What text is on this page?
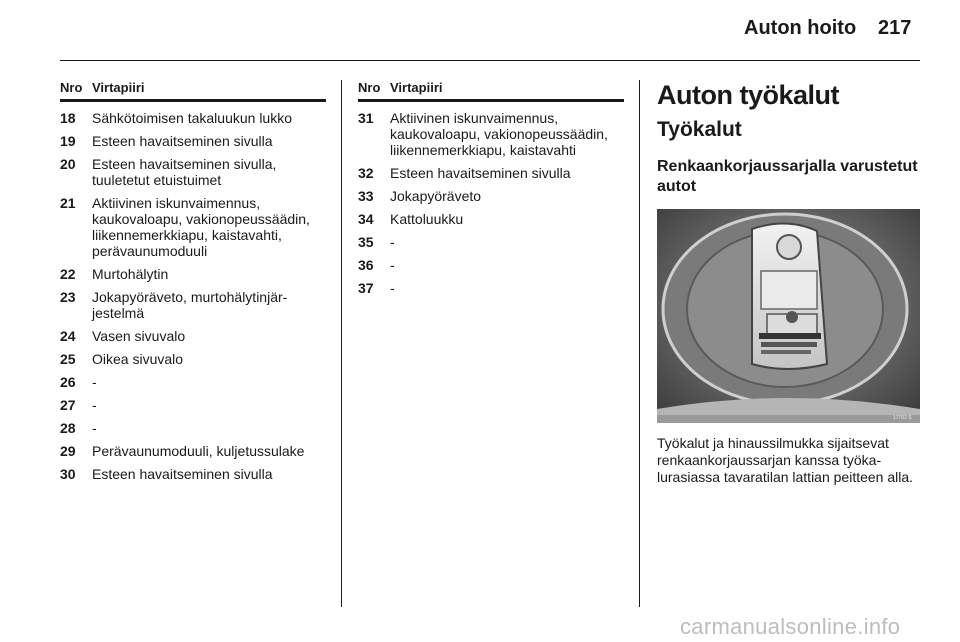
Auton hoito 217
Nro Virtapiiri
18	Sähkötoimisen takaluukun lukko
19	Esteen havaitseminen sivulla
20	Esteen havaitseminen sivulla, tuuletetut etuistuimet
21	Aktiivinen iskunvaimennus, kaukovaloapu, vakionopeussäädin, liikennemerkkiapu, kaistavahti, perävaunumoduuli
22	Murtohälytin
23	Jokapyöräveto, murtohälytinjärjestelmä
24	Vasen sivuvalo
25	Oikea sivuvalo
26	-
27	-
28	-
29	Perävaunumoduuli, kuljetussulake
30	Esteen havaitseminen sivulla
Nro Virtapiiri
31	Aktiivinen iskunvaimennus, kaukovaloapu, vakionopeussäädin, liikennemerkkiapu, kaistavahti
32	Esteen havaitseminen sivulla
33	Jokapyöräveto
34	Kattoluukku
35	-
36	-
37	-
Auton työkalut
Työkalut
Renkaankorjaussarjalla varustetut autot
17702 S
Työkalut ja hinaussilmukka sijaitsevat renkaankorjaussarjan kanssa työkalurasiassa tavaratilan lattian peitteen alla.
carmanualsonline.info
